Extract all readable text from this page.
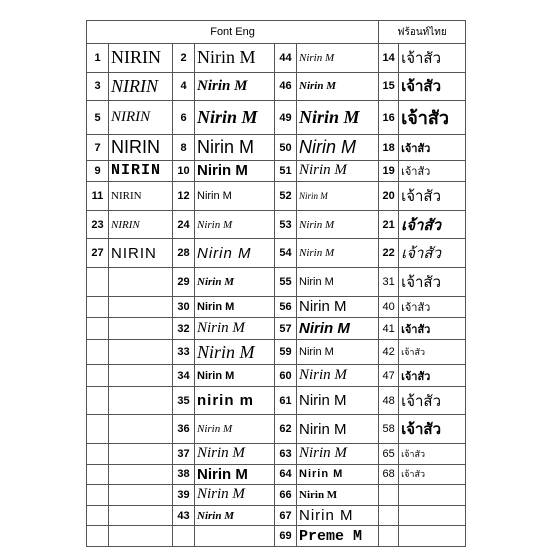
Font Eng						ฟร้อนท์ไทย	
1	NIRIN	2	Nirin M	44	Nirin M	14	เจ้าสัว
3	NIRIN	4	Nirin M	46	Nirin M	15	เจ้าสัว
5	NIRIN	6	Nirin M	49	Nirin M	16	เจ้าสัว
7	NIRIN	8	Nirin M	50	Nirin M	18	เจ้าสัว
9	NIRIN	10	Nirin M	51	Nirin M	19	เจ้าสัว
11	NIRIN	12	Nirin M	52	Nirin M	20	เจ้าสัว
23	NIRIN	24	Nirin M	53	Nirin M	21	เจ้าสัว
27	NIRIN	28	Nirin M	54	Nirin M	22	เจ้าสัว
		29	Nirin M	55	Nirin M	31	เจ้าสัว
		30	Nirin M	56	Nirin M	40	เจ้าสัว
		32	Nirin M	57	Nirin M	41	เจ้าสัว
		33	Nirin M	59	Nirin M	42	เจ้าสัว
		34	Nirin M	60	Nirin M	47	เจ้าสัว
		35	nirin m	61	Nirin M	48	เจ้าสัว
		36	Nirin M	62	Nirin M	58	เจ้าสัว
		37	Nirin M	63	Nirin M	65	เจ้าสัว
		38	Nirin M	64	Nirin M	68	เจ้าสัว
		39	Nirin M	66	Nirin M		
		43	Nirin M	67	Nirin M		
				69	Preme M		
